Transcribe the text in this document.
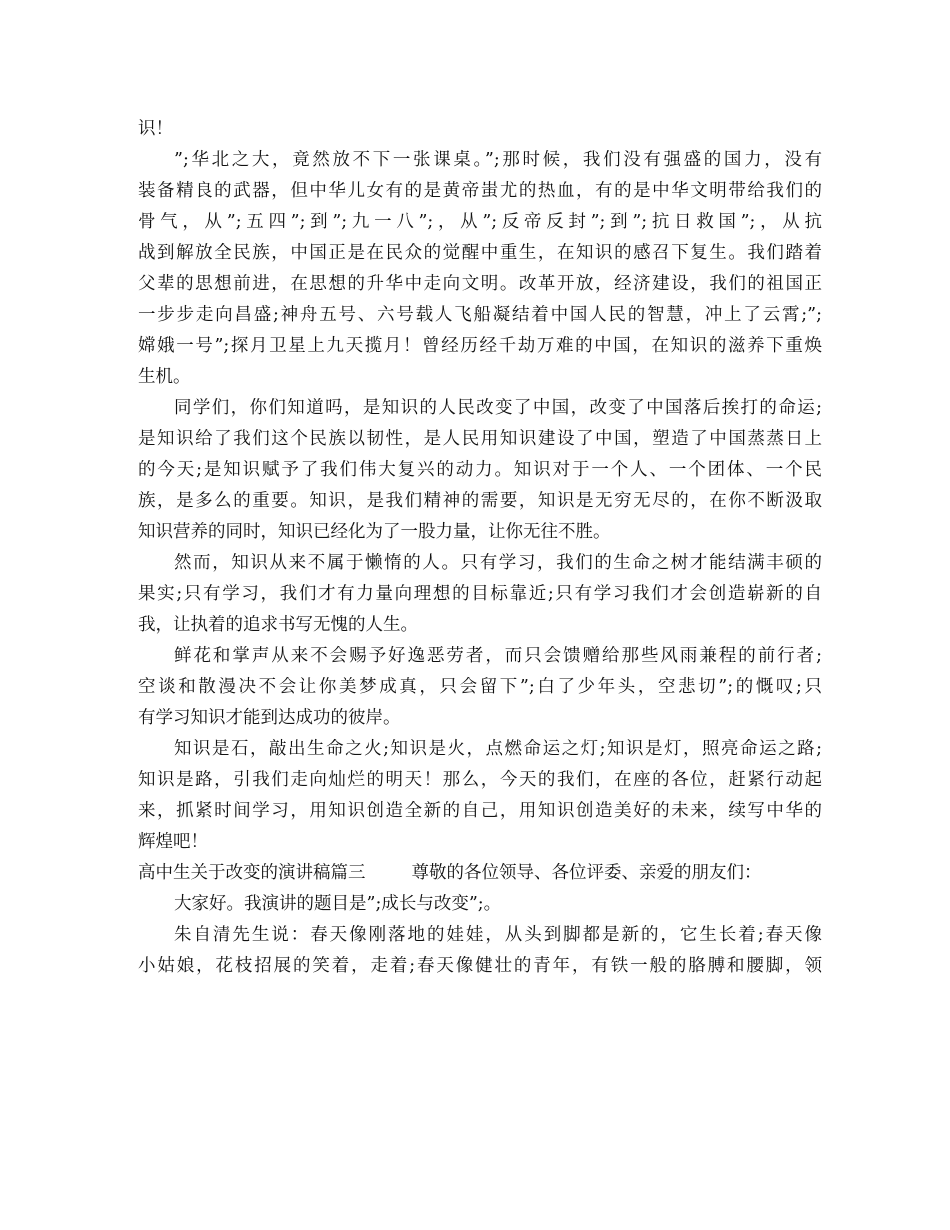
识！
”;华北之大，竟然放不下一张课桌。”;那时候，我们没有强盛的国力，没有
装备精良的武器，但中华儿女有的是黄帝蚩尤的热血，有的是中华文明带给我们的
骨气，从”;五四”;到”;九一八”;，从”;反帝反封”;到”;抗日救国”;，从抗
战到解放全民族，中国正是在民众的觉醒中重生，在知识的感召下复生。我们踏着
父辈的思想前进，在思想的升华中走向文明。改革开放，经济建设，我们的祖国正
一步步走向昌盛;神舟五号、六号载人飞船凝结着中国人民的智慧，冲上了云霄;”;
嫦娥一号”;探月卫星上九天揽月！曾经历经千劫万难的中国，在知识的滋养下重焕
生机。
同学们，你们知道吗，是知识的人民改变了中国，改变了中国落后挨打的命运;
是知识给了我们这个民族以韧性，是人民用知识建设了中国，塑造了中国蒸蒸日上
的今天;是知识赋予了我们伟大复兴的动力。知识对于一个人、一个团体、一个民
族，是多么的重要。知识，是我们精神的需要，知识是无穷无尽的，在你不断汲取
知识营养的同时，知识已经化为了一股力量，让你无往不胜。
然而，知识从来不属于懒惰的人。只有学习，我们的生命之树才能结满丰硕的
果实;只有学习，我们才有力量向理想的目标靠近;只有学习我们才会创造崭新的自
我，让执着的追求书写无愧的人生。
鲜花和掌声从来不会赐予好逸恶劳者，而只会馈赠给那些风雨兼程的前行者;
空谈和散漫决不会让你美梦成真，只会留下”;白了少年头，空悲切”;的慨叹;只
有学习知识才能到达成功的彼岸。
知识是石，敲出生命之火;知识是火，点燃命运之灯;知识是灯，照亮命运之路;
知识是路，引我们走向灿烂的明天！那么，今天的我们，在座的各位，赶紧行动起
来，抓紧时间学习，用知识创造全新的自己，用知识创造美好的未来，续写中华的
辉煌吧！
高中生关于改变的演讲稿篇三	尊敬的各位领导、各位评委、亲爱的朋友们：
大家好。我演讲的题目是”;成长与改变”;。
朱自清先生说：春天像刚落地的娃娃，从头到脚都是新的，它生长着;春天像
小姑娘，花枝招展的笑着，走着;春天像健壮的青年，有铁一般的胳膊和腰脚，领
